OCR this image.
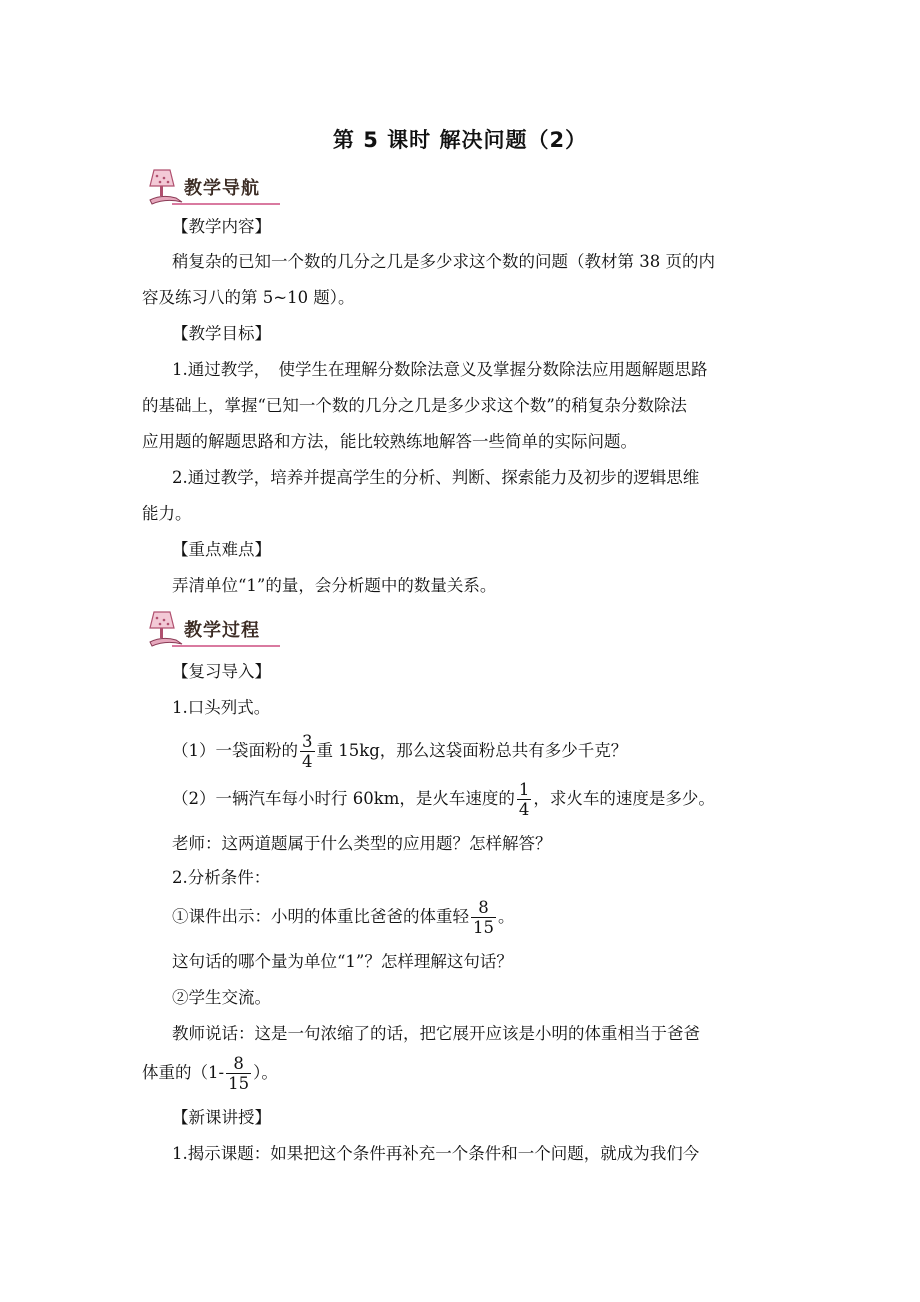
第 5 课时 解决问题（2）
教学导航
【教学内容】
稍复杂的已知一个数的几分之几是多少求这个数的问题（教材第 38 页的内
容及练习八的第 5~10 题）。
【教学目标】
1.通过教学，　使学生在理解分数除法意义及掌握分数除法应用题解题思路
的基础上，掌握“已知一个数的几分之几是多少求这个数”的稍复杂分数除法
应用题的解题思路和方法，能比较熟练地解答一些简单的实际问题。
2.通过教学，培养并提高学生的分析、判断、探索能力及初步的逻辑思维
能力。
【重点难点】
弄清单位“1”的量，会分析题中的数量关系。
教学过程
【复习导入】
1.口头列式。
（1）一袋面粉的 $\frac{3}{4}$ 重 15kg，那么这袋面粉总共有多少千克？
（2）一辆汽车每小时行 60km，是火车速度的 $\frac{1}{4}$ ，求火车的速度是多少。
老师：这两道题属于什么类型的应用题？怎样解答？
2.分析条件：
①课件出示：小明的体重比爸爸的体重轻 $\frac{8}{15}$ 。
这句话的哪个量为单位“1”？怎样理解这句话？
②学生交流。
教师说话：这是一句浓缩了的话，把它展开应该是小明的体重相当于爸爸
体重的（$1- \frac{8}{15}$ ）。
【新课讲授】
1.揭示课题：如果把这个条件再补充一个条件和一个问题，就成为我们今
